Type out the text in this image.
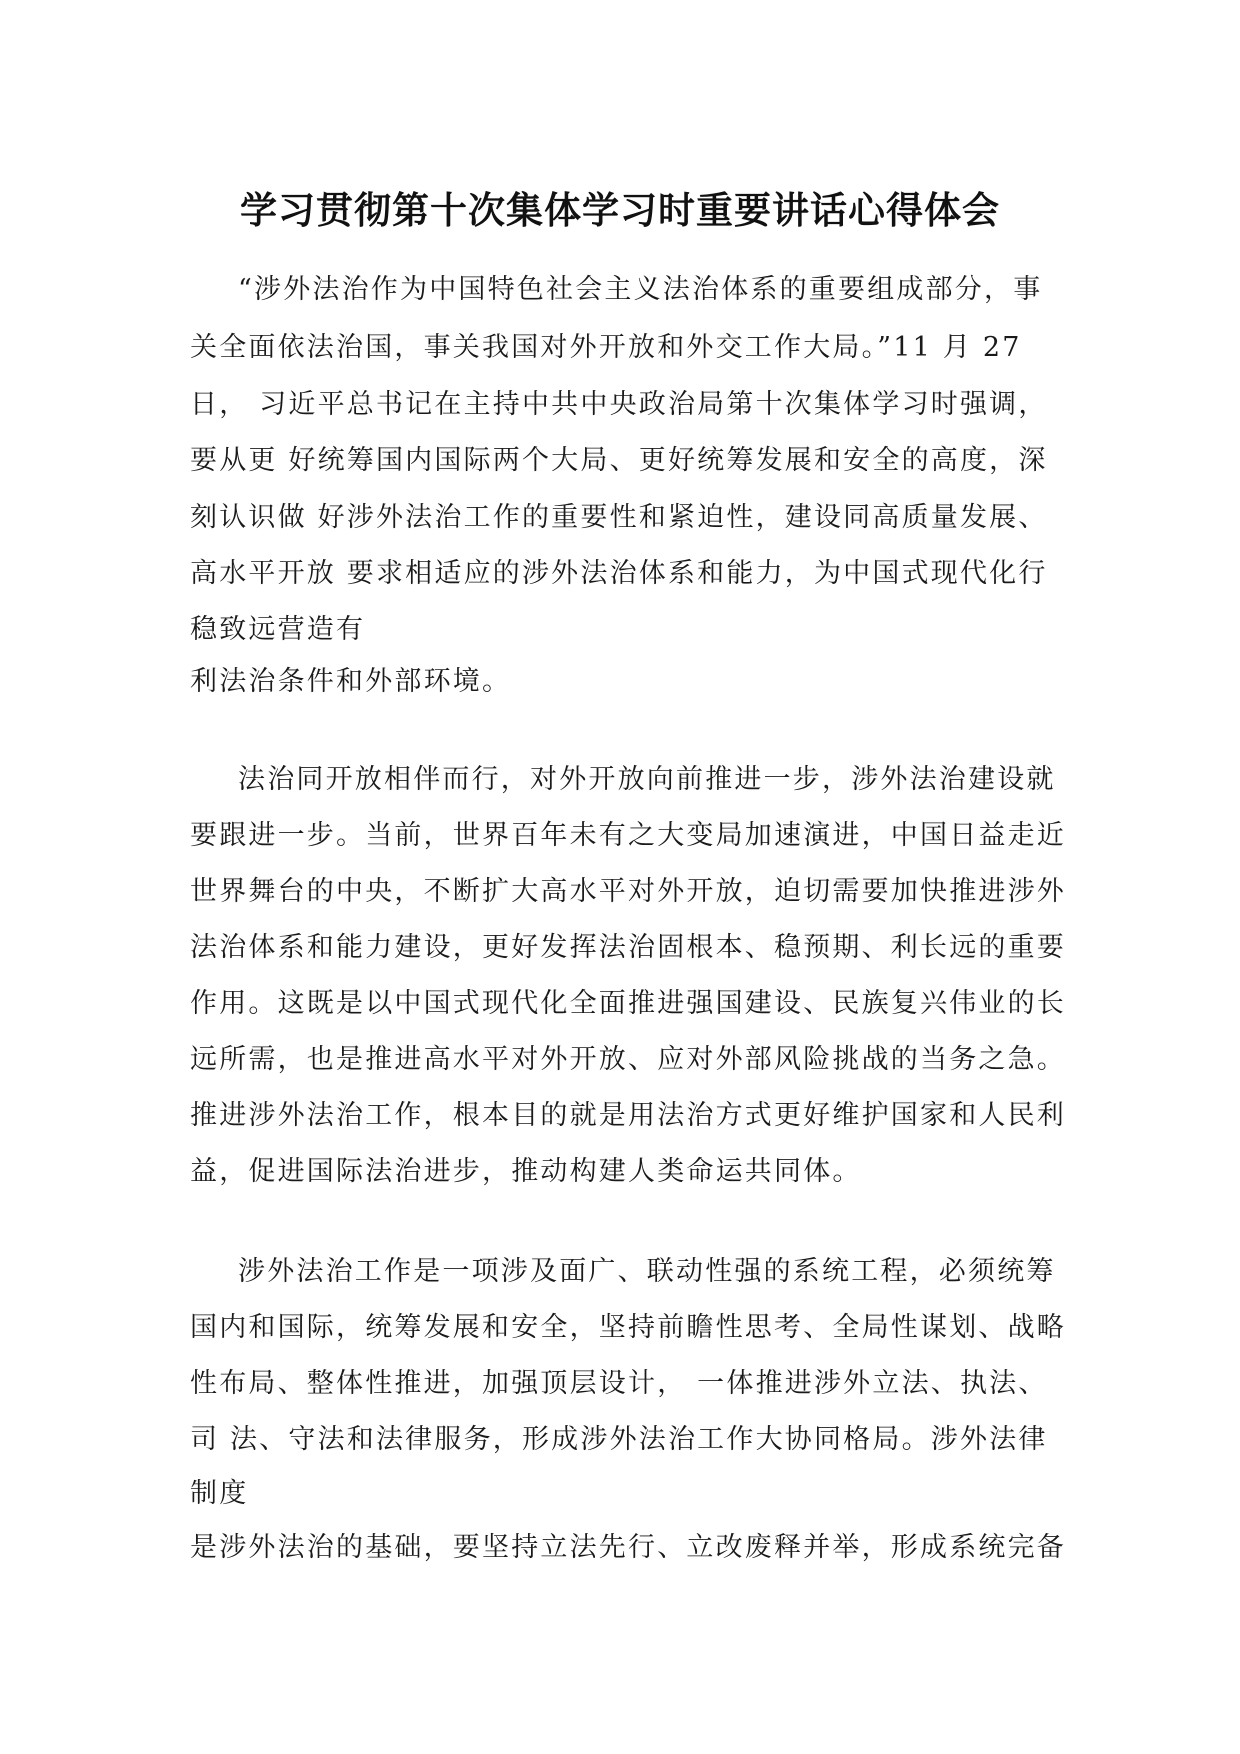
学习贯彻第十次集体学习时重要讲话心得体会
“涉外法治作为中国特色社会主义法治体系的重要组成部分，事
关全面依法治国，事关我国对外开放和外交工作大局。”11 月 27
日， 习近平总书记在主持中共中央政治局第十次集体学习时强调，
要从更 好统筹国内国际两个大局、更好统筹发展和安全的高度，深
刻认识做 好涉外法治工作的重要性和紧迫性，建设同高质量发展、
高水平开放 要求相适应的涉外法治体系和能力，为中国式现代化行
稳致远营造有
利法治条件和外部环境。
法治同开放相伴而行，对外开放向前推进一步，涉外法治建设就
要跟进一步。当前，世界百年未有之大变局加速演进，中国日益走近
世界舞台的中央，不断扩大高水平对外开放，迫切需要加快推进涉外
法治体系和能力建设，更好发挥法治固根本、稳预期、利长远的重要
作用。这既是以中国式现代化全面推进强国建设、民族复兴伟业的长
远所需，也是推进高水平对外开放、应对外部风险挑战的当务之急。
推进涉外法治工作，根本目的就是用法治方式更好维护国家和人民利
益，促进国际法治进步，推动构建人类命运共同体。
涉外法治工作是一项涉及面广、联动性强的系统工程，必须统筹
国内和国际，统筹发展和安全，坚持前瞻性思考、全局性谋划、战略
性布局、整体性推进，加强顶层设计， 一体推进涉外立法、执法、
司 法、守法和法律服务，形成涉外法治工作大协同格局。涉外法律
制度
是涉外法治的基础，要坚持立法先行、立改废释并举，形成系统完备
